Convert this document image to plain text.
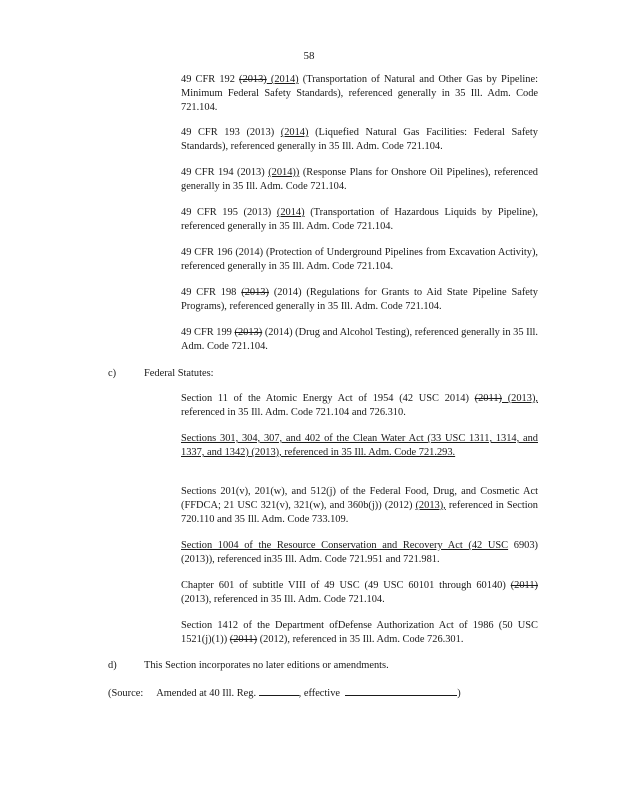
58
49 CFR 192 (2013) (2014) (Transportation of Natural and Other Gas by Pipeline: Minimum Federal Safety Standards), referenced generally in 35 Ill. Adm. Code 721.104.
49 CFR 193 (2013) (2014) (Liquefied Natural Gas Facilities: Federal Safety Standards), referenced generally in 35 Ill. Adm. Code 721.104.
49 CFR 194 (2013) (2014)) (Response Plans for Onshore Oil Pipelines), referenced generally in 35 Ill. Adm. Code 721.104.
49 CFR 195 (2013) (2014) (Transportation of Hazardous Liquids by Pipeline), referenced generally in 35 Ill. Adm. Code 721.104.
49 CFR 196 (2014) (Protection of Underground Pipelines from Excavation Activity), referenced generally in 35 Ill. Adm. Code 721.104.
49 CFR 198 (2013) (2014) (Regulations for Grants to Aid State Pipeline Safety Programs), referenced generally in 35 Ill. Adm. Code 721.104.
49 CFR 199 (2013) (2014) (Drug and Alcohol Testing), referenced generally in 35 Ill. Adm. Code 721.104.
c)	Federal Statutes:
Section 11 of the Atomic Energy Act of 1954 (42 USC 2014) (2011) (2013), referenced in 35 Ill. Adm. Code 721.104 and 726.310.
Sections 301, 304, 307, and 402 of the Clean Water Act (33 USC 1311, 1314, and 1337, and 1342) (2013), referenced in 35 Ill. Adm. Code 721.293.
Sections 201(v), 201(w), and 512(j) of the Federal Food, Drug, and Cosmetic Act (FFDCA; 21 USC 321(v), 321(w), and 360b(j)) (2012) (2013), referenced in Section 720.110 and 35 Ill. Adm. Code 733.109.
Section 1004 of the Resource Conservation and Recovery Act (42 USC 6903) (2013)), referenced in35 Ill. Adm. Code 721.951 and 721.981.
Chapter 601 of subtitle VIII of 49 USC (49 USC 60101 through 60140) (2011) (2013), referenced in 35 Ill. Adm. Code 721.104.
Section 1412 of the Department ofDefense Authorization Act of 1986 (50 USC 1521(j)(1)) (2011) (2012), referenced in 35 Ill. Adm. Code 726.301.
d)	This Section incorporates no later editions or amendments.
(Source: Amended at 40 Ill. Reg.	, effective	)
